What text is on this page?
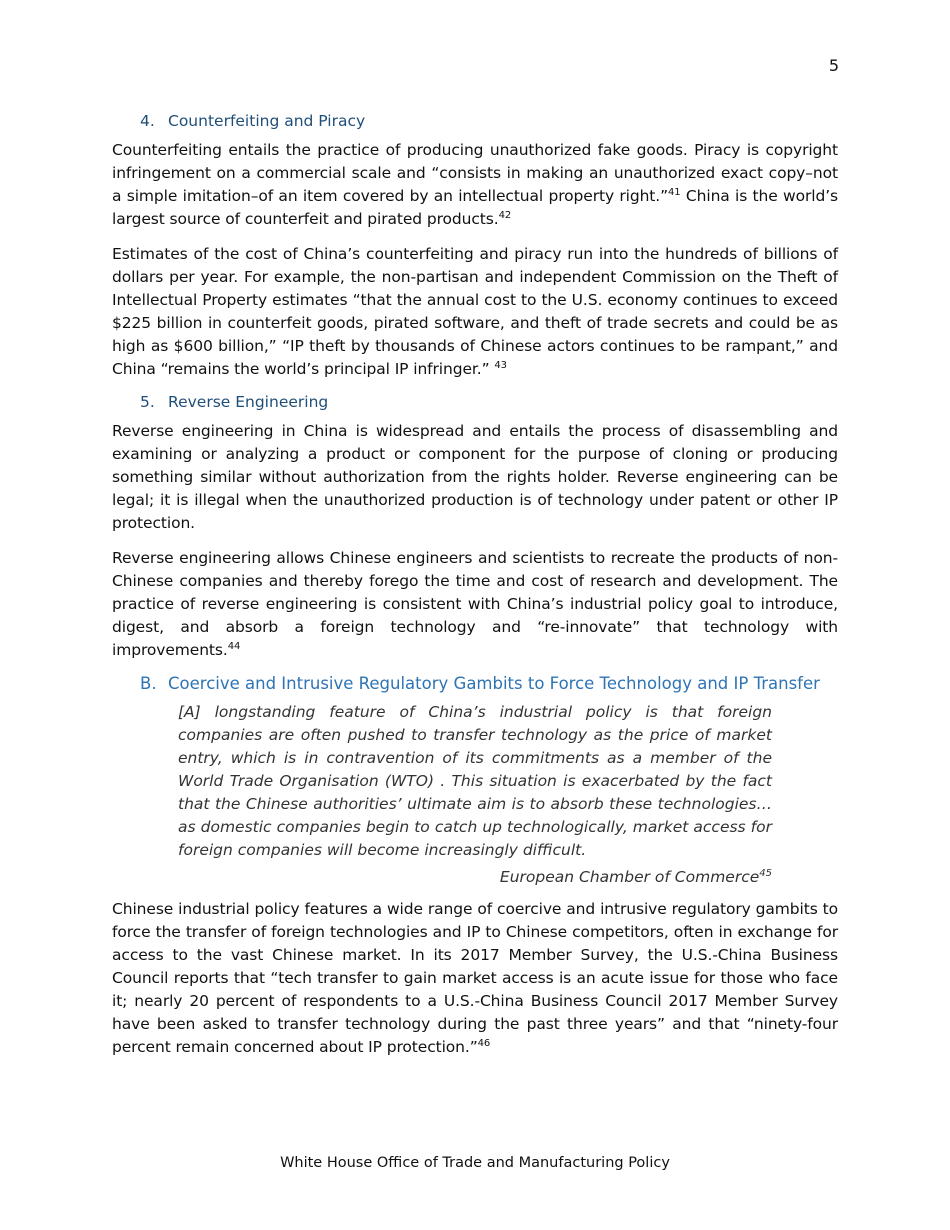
5
4. Counterfeiting and Piracy

Counterfeiting entails the practice of producing unauthorized fake goods. Piracy is copyright infringement on a commercial scale and “consists in making an unauthorized exact copy–not a simple imitation–of an item covered by an intellectual property right.”$^{41}$ China is the world’s largest source of counterfeit and pirated products.$^{42}$

Estimates of the cost of China’s counterfeiting and piracy run into the hundreds of billions of dollars per year. For example, the non-partisan and independent Commission on the Theft of Intellectual Property estimates “that the annual cost to the U.S. economy continues to exceed $225 billion in counterfeit goods, pirated software, and theft of trade secrets and could be as high as $600 billion,” “IP theft by thousands of Chinese actors continues to be rampant,” and China “remains the world’s principal IP infringer.” $^{43}$

5. Reverse Engineering

Reverse engineering in China is widespread and entails the process of disassembling and examining or analyzing a product or component for the purpose of cloning or producing something similar without authorization from the rights holder. Reverse engineering can be legal; it is illegal when the unauthorized production is of technology under patent or other IP protection.

Reverse engineering allows Chinese engineers and scientists to recreate the products of non-Chinese companies and thereby forego the time and cost of research and development. The practice of reverse engineering is consistent with China’s industrial policy goal to introduce, digest, and absorb a foreign technology and “re-innovate” that technology with improvements.$^{44}$

B. Coercive and Intrusive Regulatory Gambits to Force Technology and IP Transfer

[A] longstanding feature of China’s industrial policy is that foreign companies are often pushed to transfer technology as the price of market entry, which is in contravention of its commitments as a member of the World Trade Organisation (WTO) . This situation is exacerbated by the fact that the Chinese authorities’ ultimate aim is to absorb these technologies…as domestic companies begin to catch up technologically, market access for foreign companies will become increasingly difficult.

European Chamber of Commerce$^{45}$

Chinese industrial policy features a wide range of coercive and intrusive regulatory gambits to force the transfer of foreign technologies and IP to Chinese competitors, often in exchange for access to the vast Chinese market. In its 2017 Member Survey, the U.S.-China Business Council reports that “tech transfer to gain market access is an acute issue for those who face it; nearly 20 percent of respondents to a U.S.-China Business Council 2017 Member Survey have been asked to transfer technology during the past three years” and that “ninety-four percent remain concerned about IP protection.”$^{46}$

White House Office of Trade and Manufacturing Policy
